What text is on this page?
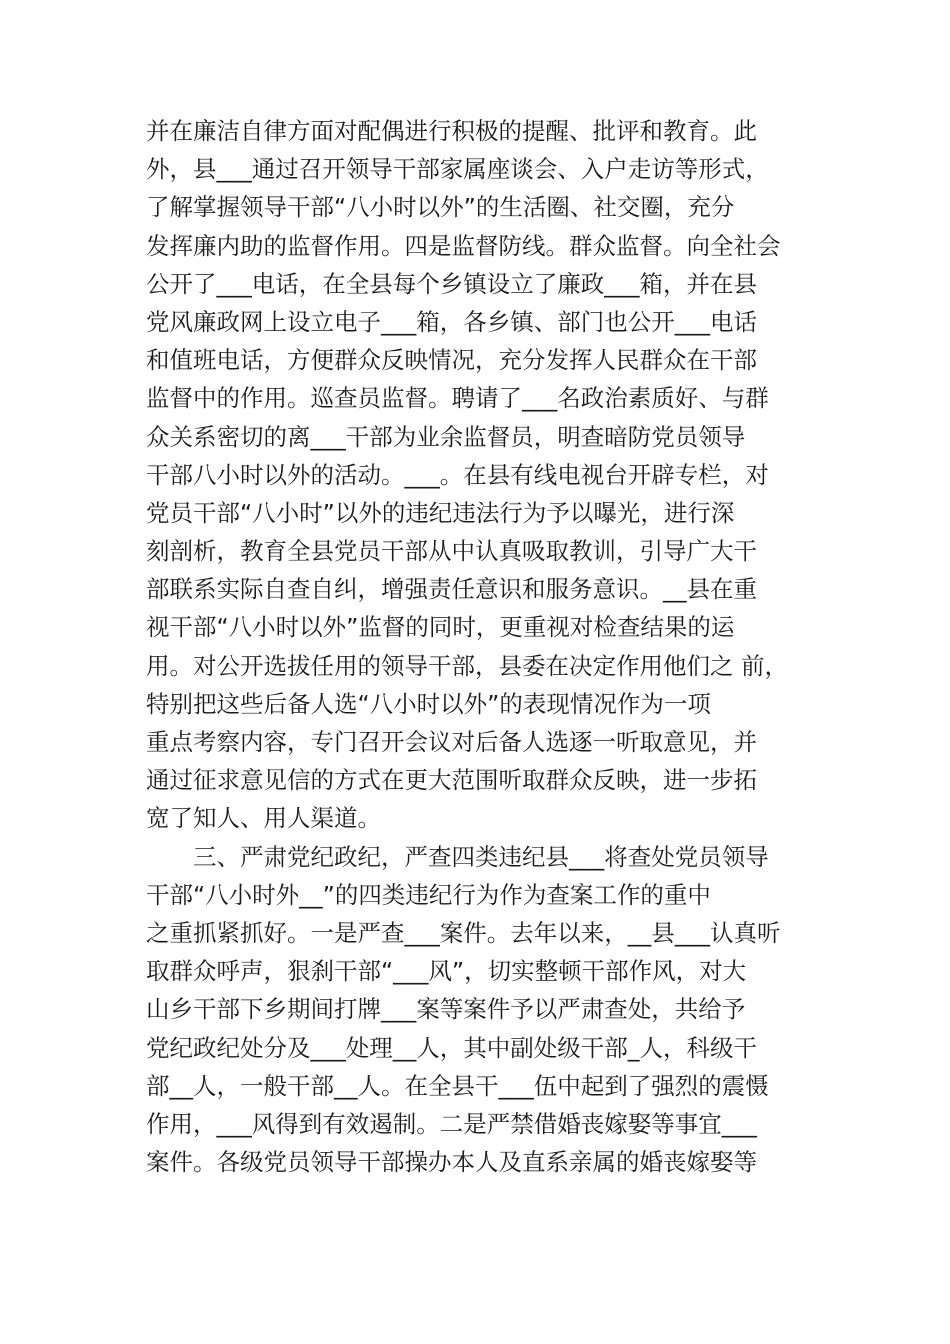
并在廉洁自律方面对配偶进行积极的提醒、批评和教育。此
外，县___通过召开领导干部家属座谈会、入户走访等形式，
了解掌握领导干部“八小时以外”的生活圈、社交圈，充分
发挥廉内助的监督作用。四是监督防线。群众监督。向全社会
公开了___电话，在全县每个乡镇设立了廉政___箱，并在县
党风廉政网上设立电子___箱，各乡镇、部门也公开___电话
和值班电话，方便群众反映情况，充分发挥人民群众在干部
监督中的作用。巡查员监督。聘请了___名政治素质好、与群
众关系密切的离___干部为业余监督员，明查暗防党员领导
干部八小时以外的活动。___。在县有线电视台开辟专栏，对
党员干部“八小时”以外的违纪违法行为予以曝光，进行深
刻剖析，教育全县党员干部从中认真吸取教训，引导广大干
部联系实际自查自纠，增强责任意识和服务意识。__县在重
视干部“八小时以外”监督的同时，更重视对检查结果的运
用。对公开选拔任用的领导干部，县委在决定作用他们之 前，
特别把这些后备人选“八小时以外”的表现情况作为一项
重点考察内容，专门召开会议对后备人选逐一听取意见，并
通过征求意见信的方式在更大范围听取群众反映，进一步拓
宽了知人、用人渠道。
　　三、严肃党纪政纪，严查四类违纪县___将查处党员领导
干部“八小时外__”的四类违纪行为作为查案工作的重中
之重抓紧抓好。一是严查___案件。去年以来，__县___认真听
取群众呼声，狠刹干部“___风”，切实整顿干部作风，对大
山乡干部下乡期间打牌___案等案件予以严肃查处，共给予
党纪政纪处分及___处理__人，其中副处级干部_人，科级干
部__人，一般干部__人。在全县干___伍中起到了强烈的震慑
作用，___风得到有效遏制。二是严禁借婚丧嫁娶等事宜___
案件。各级党员领导干部操办本人及直系亲属的婚丧嫁娶等
